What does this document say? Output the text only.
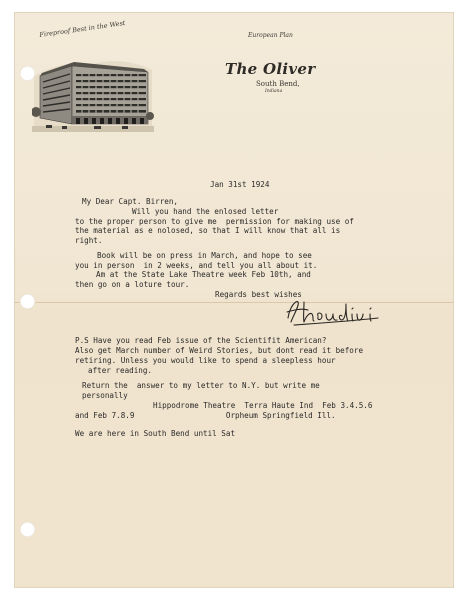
Fireproof Best in the West	European Plan
The Oliver
South Bend,
Indiana
Jan 31st 1924
My Dear Capt. Birren,
Will you hand the enlosed letter
to the proper person to give me  permission for making use of
the material as e nolosed, so that I will know that all is
right.
Book will be on press in March, and hope to see
you in person  in 2 weeks, and tell you all about it.
Am at the State Lake Theatre week Feb 10th, and
then go on a loture tour.
Regards best wishes
P.S Have you read Feb issue of the Scientifit American?
Also get March number of Weird Stories, but dont read it before
retiring. Unless you would like to spend a sleepless hour
after reading.
Return the  answer to my letter to N.Y. but write me
personally
Hippodrome Theatre  Terra Haute Ind  Feb 3.4.5.6
and Feb 7.8.9                    Orpheum Springfield Ill.
We are here in South Bend until Sat
